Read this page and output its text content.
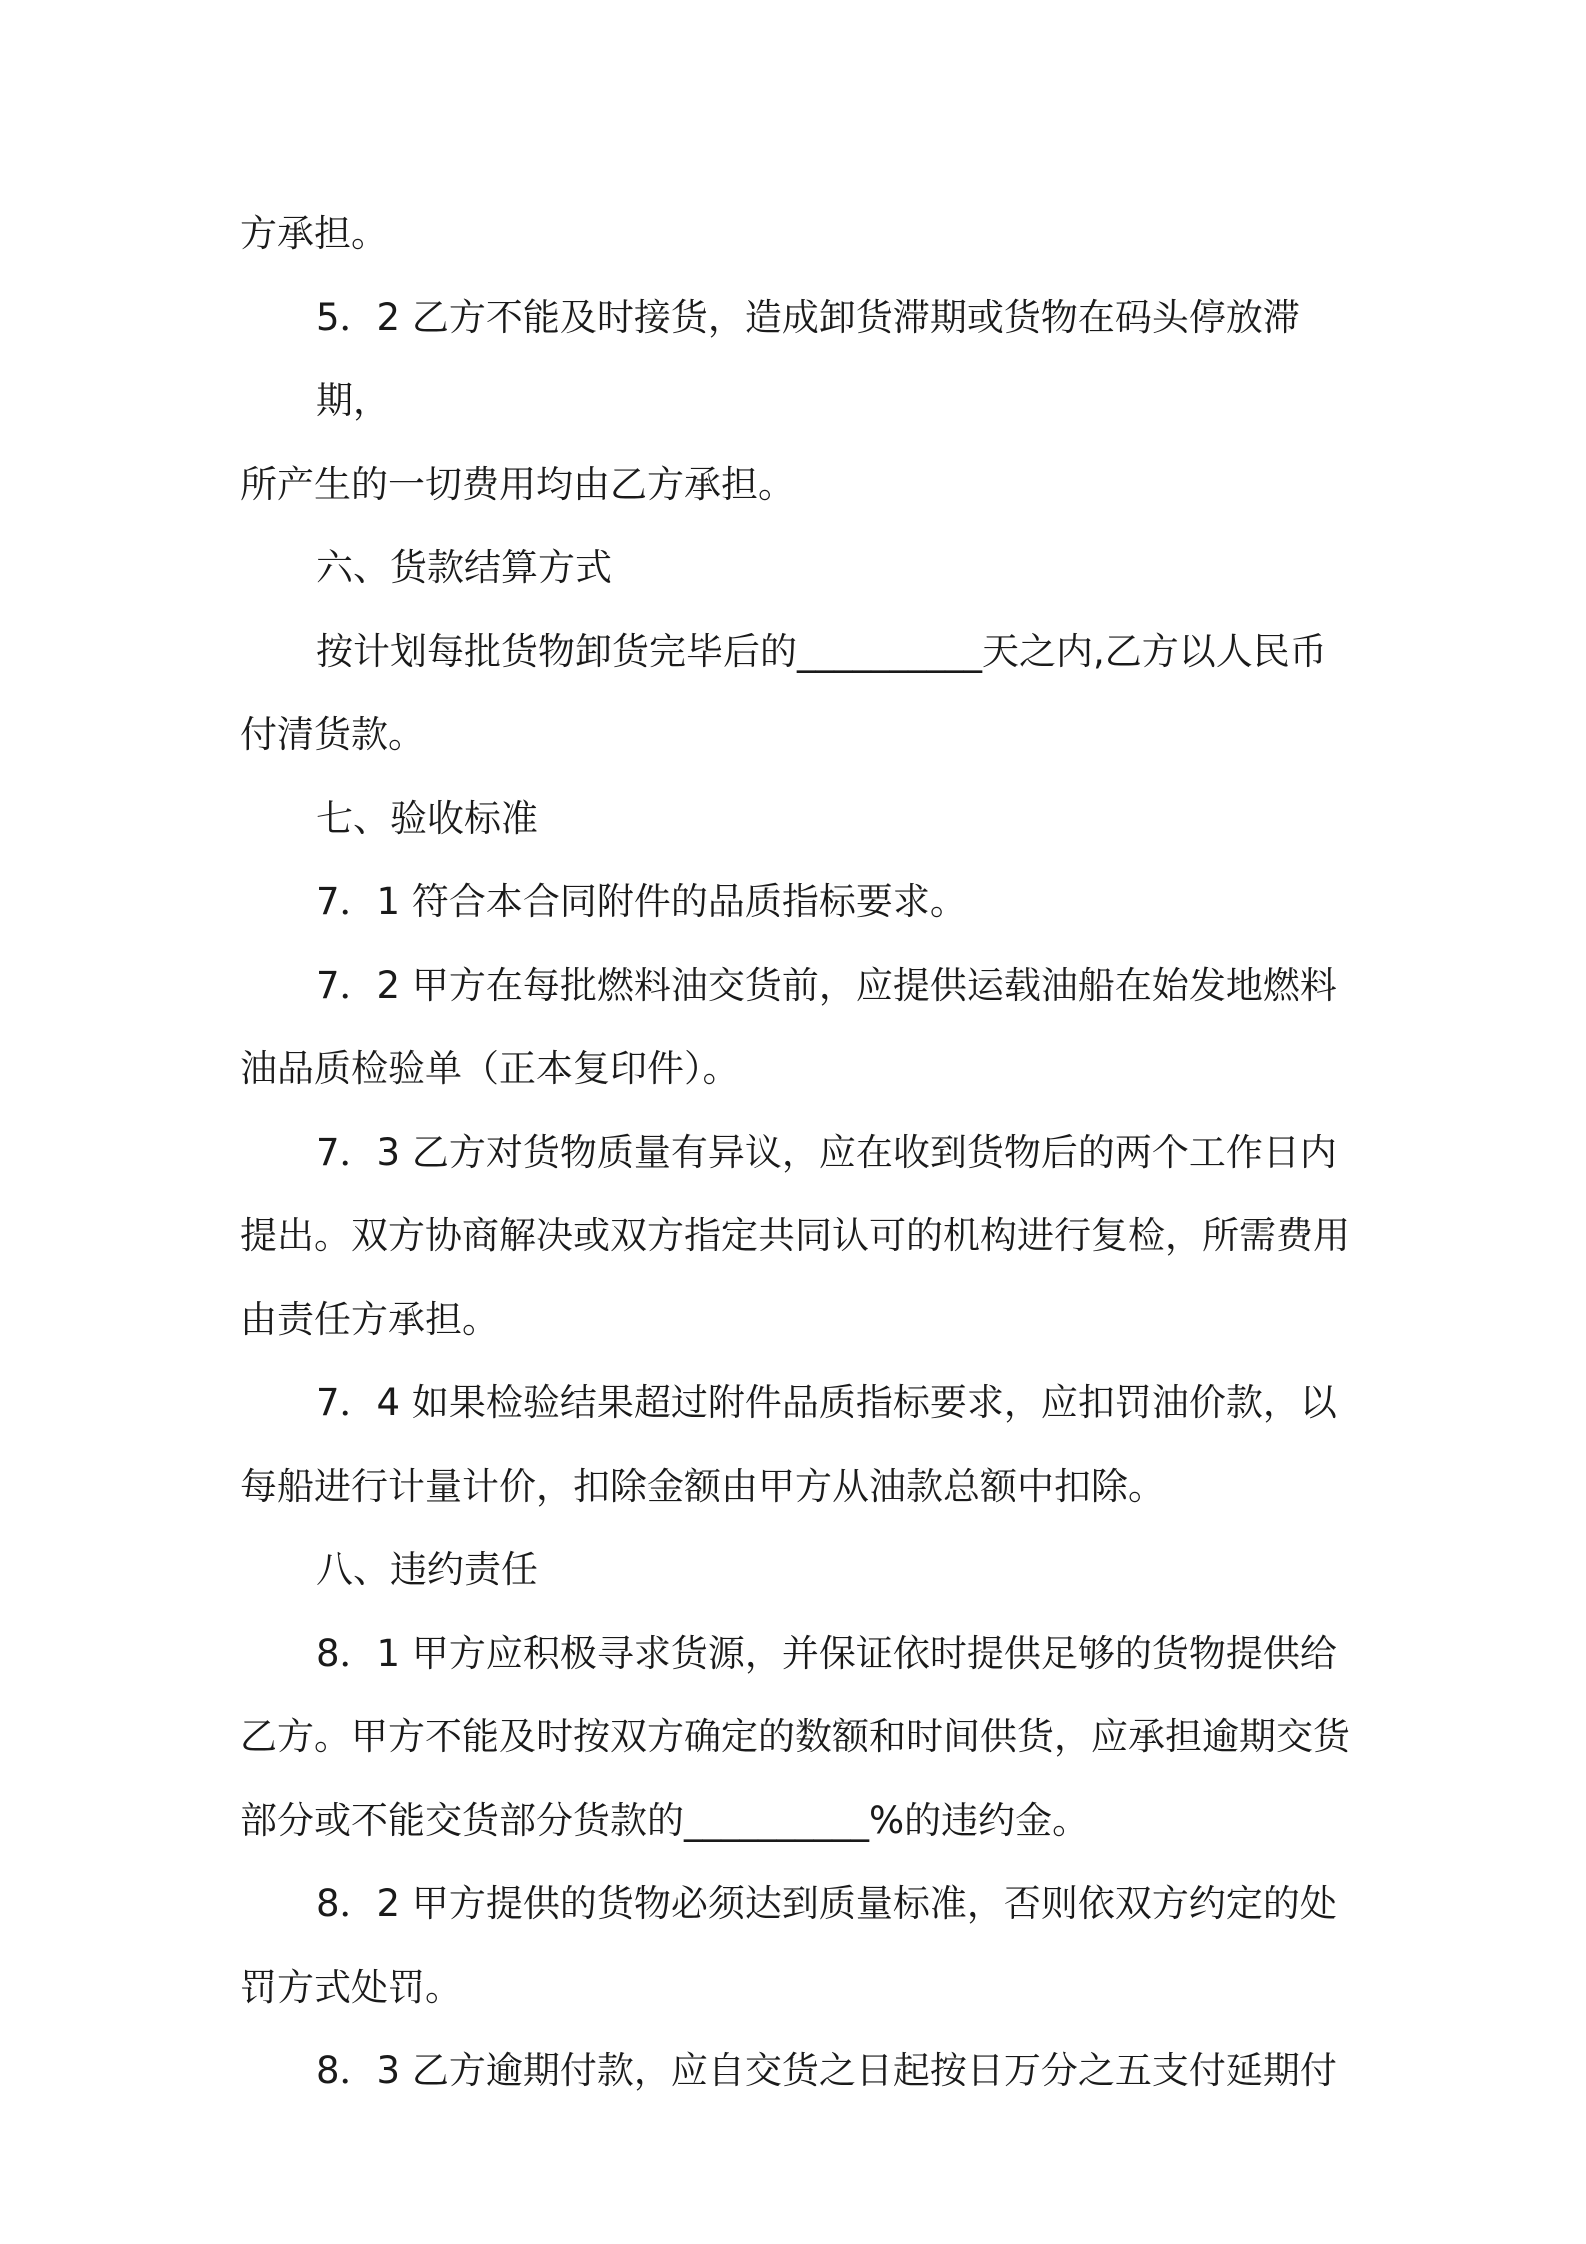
方承担。
5．2 乙方不能及时接货，造成卸货滞期或货物在码头停放滞期，
所产生的一切费用均由乙方承担。
六、货款结算方式
按计划每批货物卸货完毕后的__________天之内,乙方以人民币
付清货款。
七、验收标准
7．1 符合本合同附件的品质指标要求。
7．2 甲方在每批燃料油交货前，应提供运载油船在始发地燃料
油品质检验单（正本复印件）。
7．3 乙方对货物质量有异议，应在收到货物后的两个工作日内
提出。双方协商解决或双方指定共同认可的机构进行复检，所需费用
由责任方承担。
7．4 如果检验结果超过附件品质指标要求，应扣罚油价款，以
每船进行计量计价，扣除金额由甲方从油款总额中扣除。
八、违约责任
8．1 甲方应积极寻求货源，并保证依时提供足够的货物提供给
乙方。甲方不能及时按双方确定的数额和时间供货，应承担逾期交货
部分或不能交货部分货款的__________%的违约金。
8．2 甲方提供的货物必须达到质量标准，否则依双方约定的处
罚方式处罚。
8．3 乙方逾期付款，应自交货之日起按日万分之五支付延期付
